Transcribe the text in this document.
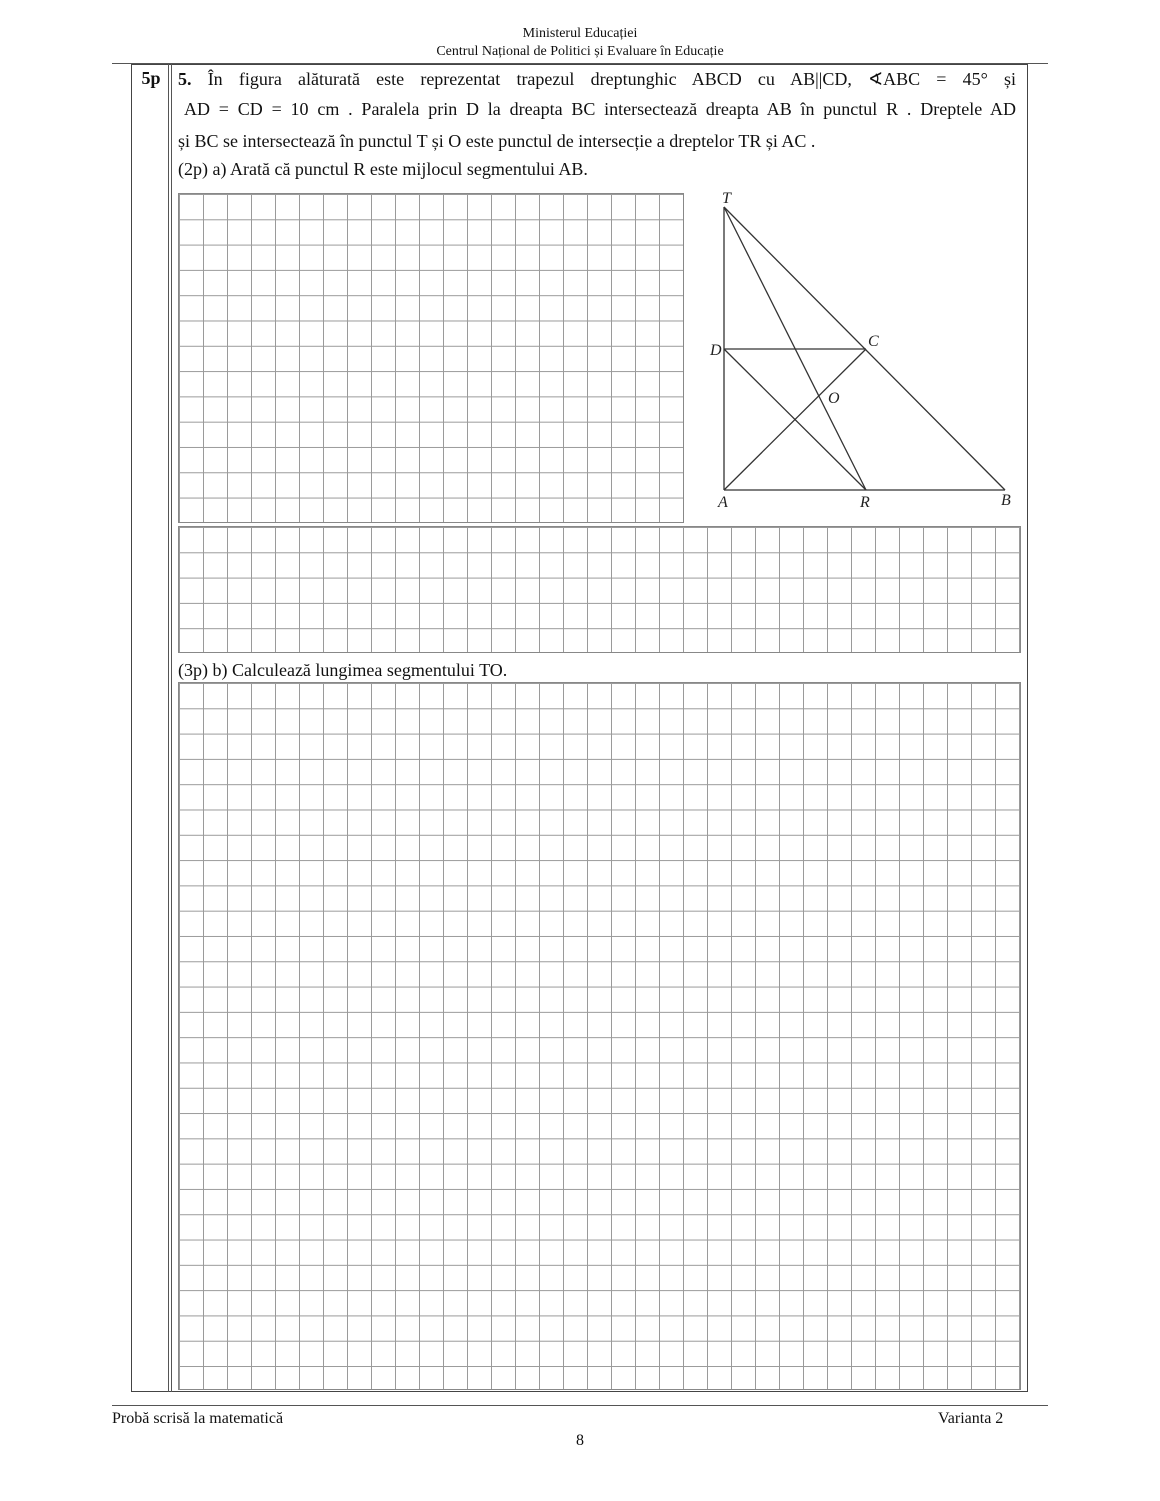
Ministerul Educației
Centrul Național de Politici și Evaluare în Educație
5p 5. În figura alăturată este reprezentat trapezul dreptunghic ABCD cu AB||CD, ∢ABC = 45° și
AD = CD = 10 cm . Paralela prin D la dreapta BC intersectează dreapta AB în punctul R . Dreptele AD
și BC se intersectează în punctul T și O este punctul de intersecție a dreptelor TR și AC .
(2p) a) Arată că punctul R este mijlocul segmentului AB.
T
D
C
O
A	R	B
(3p) b) Calculează lungimea segmentului TO.
Probă scrisă la matematică	Varianta 2
8
